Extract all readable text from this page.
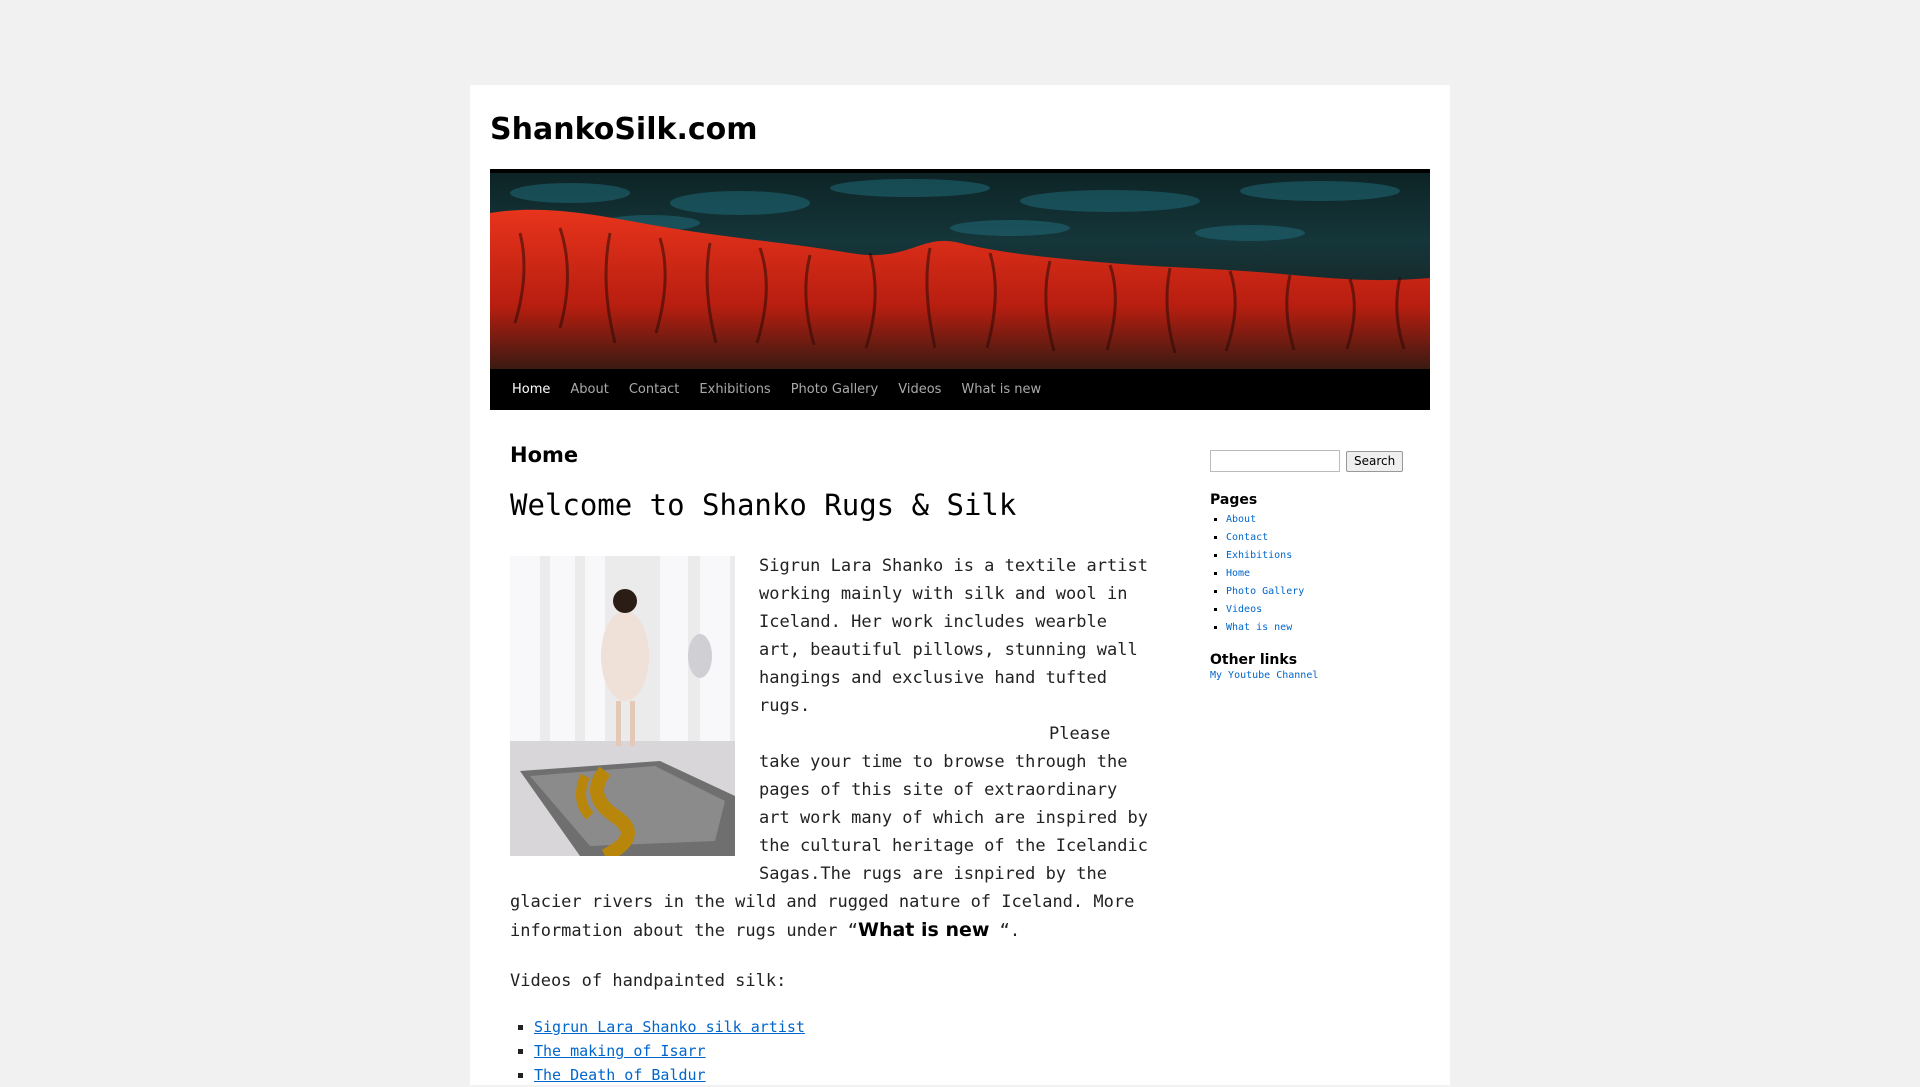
ShankoSilk.com
Home	About	Contact	Exhibitions	Photo Gallery	Videos	What is new
Home
Welcome to Shanko Rugs & Silk

Sigrun Lara Shanko is a textile artist working mainly with silk and wool in Iceland. Her work includes wearble art, beautiful pillows, stunning wall hangings and exclusive hand tufted rugs.

Please take your time to browse through the pages of this site of extraordinary art work many of which are inspired by the cultural heritage of the Icelandic Sagas.The rugs are isnpired by the glacier rivers in the wild and rugged nature of Iceland. More information about the rugs under “What is new “.

Videos of handpainted silk:

▪ Sigrun Lara Shanko silk artist
▪ The making of Isarr
▪ The Death of Baldur
Search
Pages
▪ About
▪ Contact
▪ Exhibitions
▪ Home
▪ Photo Gallery
▪ Videos
▪ What is new
Other links
My Youtube Channel
